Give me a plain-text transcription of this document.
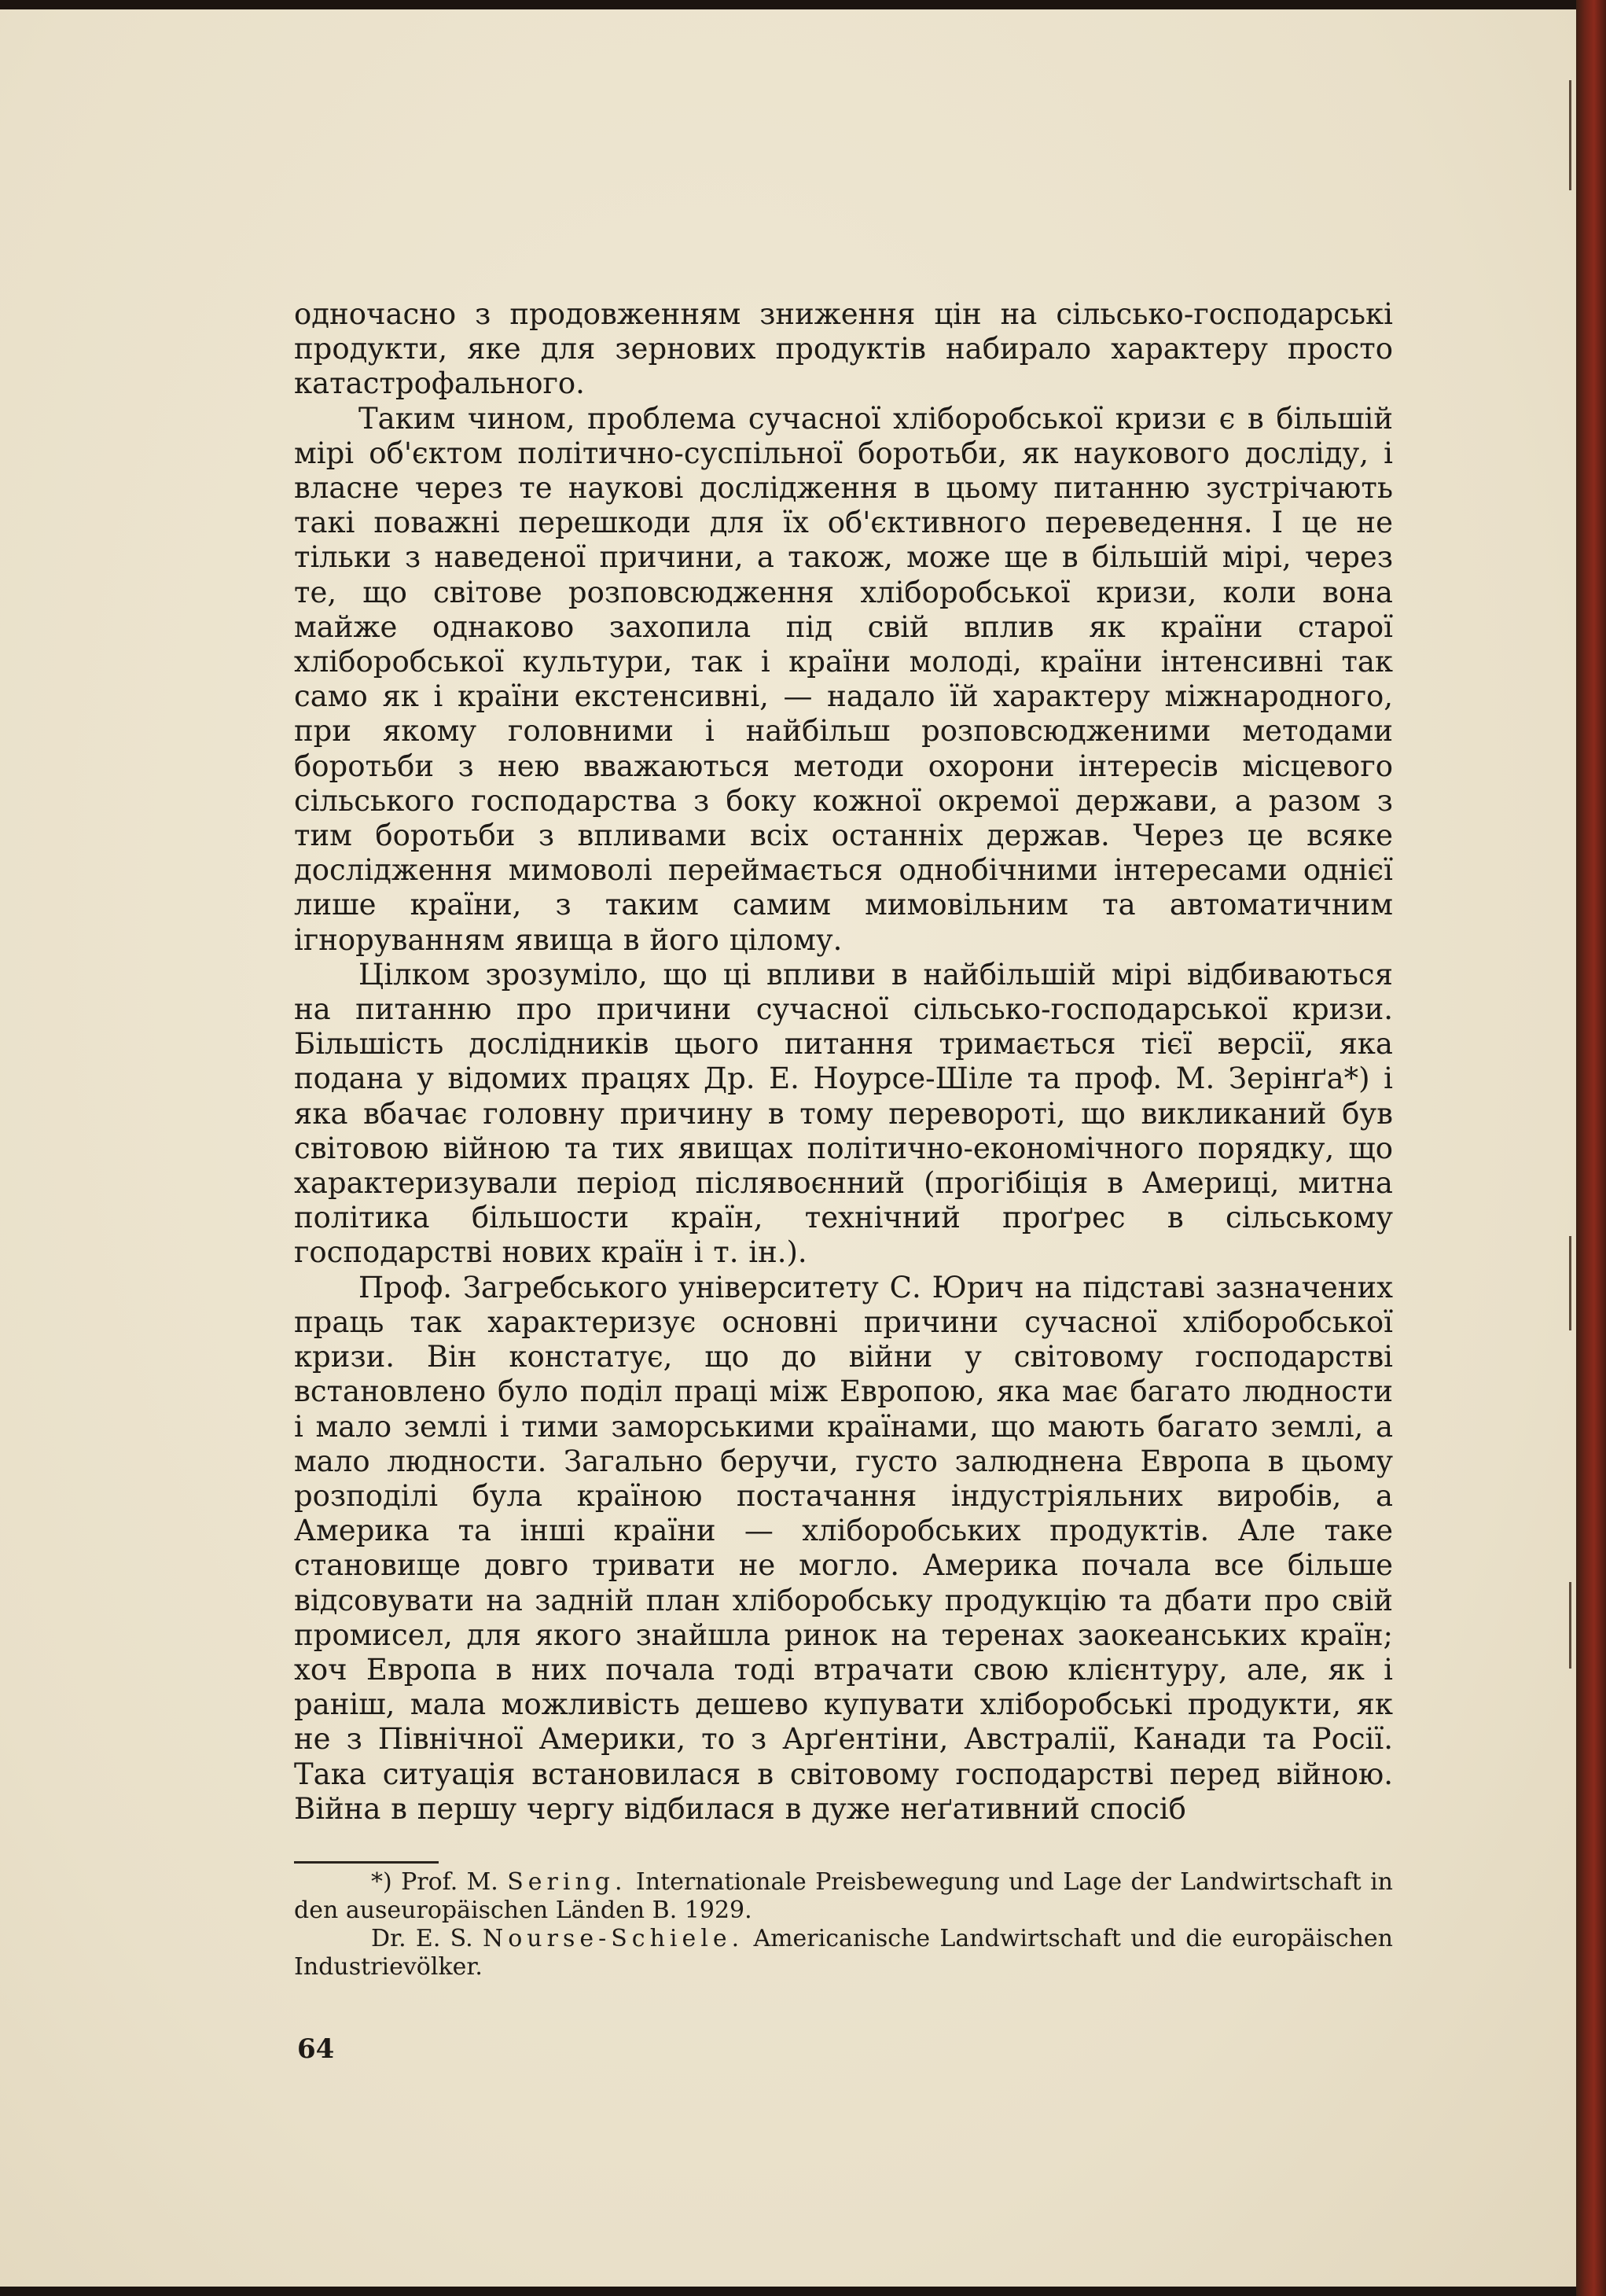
одночасно з продовженням зниження цін на сільсько-господарські продукти, яке для зернових продуктів набирало характеру просто катастрофального.

Таким чином, проблема сучасної хліборобської кризи є в більшій мірі об'єктом політично-суспільної боротьби, як наукового досліду, і власне через те наукові дослідження в цьому питанню зустрічають такі поважні перешкоди для їх об'єктивного переведення. І це не тільки з наведеної причини, а також, може ще в більшій мірі, через те, що світове розповсюдження хліборобської кризи, коли вона майже однаково захопила під свій вплив як країни старої хліборобської культури, так і країни молоді, країни інтенсивні так само як і країни екстенсивні, — надало їй характеру міжнародного, при якому головними і найбільш розповсюдженими методами боротьби з нею вважаються методи охорони інтересів місцевого сільського господарства з боку кожної окремої держави, а разом з тим боротьби з впливами всіх останніх держав. Через це всяке дослідження мимоволі переймається однобічними інтересами однієї лише країни, з таким самим мимовільним та автоматичним ігноруванням явища в його цілому.

Цілком зрозуміло, що ці впливи в найбільшій мірі відбиваються на питанню про причини сучасної сільсько-господарської кризи. Більшість дослідників цього питання тримається тієї версії, яка подана у відомих працях Др. Е. Ноурсе-Шіле та проф. М. Зерінґа*) і яка вбачає головну причину в тому перевороті, що викликаний був світовою війною та тих явищах політично-економічного порядку, що характеризували період післявоєнний (прогібіція в Америці, митна політика більшости країн, технічний проґрес в сільському господарстві нових країн і т. ін.).

Проф. Загребського університету С. Юрич на підставі зазначених праць так характеризує основні причини сучасної хліборобської кризи. Він констатує, що до війни у світовому господарстві встановлено було поділ праці між Европою, яка має багато людности і мало землі і тими заморськими країнами, що мають багато землі, а мало людности. Загально беручи, густо залюднена Европа в цьому розподілі була країною постачання індустріяльних виробів, а Америка та інші країни — хліборобських продуктів. Але таке становище довго тривати не могло. Америка почала все більше відсовувати на задній план хліборобську продукцію та дбати про свій промисел, для якого знайшла ринок на теренах заокеанських країн; хоч Европа в них почала тоді втрачати свою клієнтуру, але, як і раніш, мала можливість дешево купувати хліборобські продукти, як не з Північної Америки, то з Арґентіни, Австралії, Канади та Росії. Така ситуація встановилася в світовому господарстві перед війною. Війна в першу чергу відбилася в дуже неґативний спосіб

*) Prof. M. Sering. Internationale Preisbewegung und Lage der Landwirtschaft in den auseuropäischen Länden B. 1929.

Dr. E. S. Nourse-Schiele. Americanische Landwirtschaft und die europäischen Industrievölker.

64
